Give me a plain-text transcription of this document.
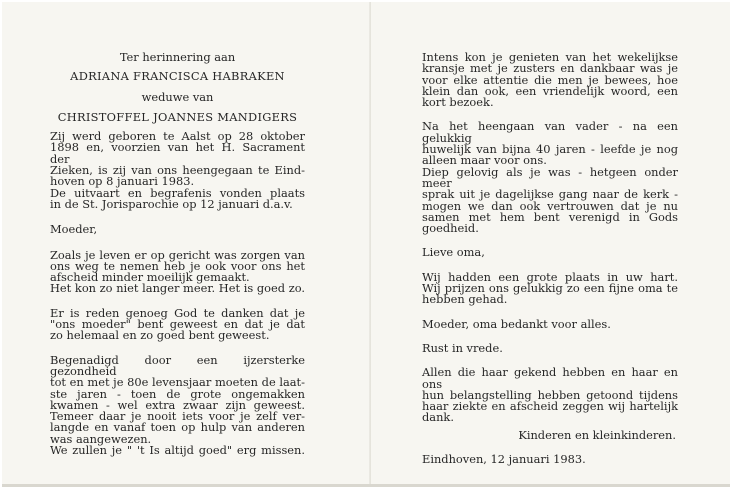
Ter herinnering aan
ADRIANA FRANCISCA HABRAKEN
weduwe van
CHRISTOFFEL JOANNES MANDIGERS
Zij werd geboren te Aalst op 28 oktober
1898 en, voorzien van het H. Sacrament der
Zieken, is zij van ons heengegaan te Eind-
hoven op 8 januari 1983.
De uitvaart en begrafenis vonden plaats
in de St. Jorisparochie op 12 januari d.a.v.
Moeder,
Zoals je leven er op gericht was zorgen van
ons weg te nemen heb je ook voor ons het
afscheid minder moeilijk gemaakt.
Het kon zo niet langer meer. Het is goed zo.
Er is reden genoeg God te danken dat je
"ons moeder" bent geweest en dat je dat
zo helemaal en zo goed bent geweest.
Begenadigd door een ijzersterke gezondheid
tot en met je 80e levensjaar moeten de laat-
ste jaren - toen de grote ongemakken
kwamen - wel extra zwaar zijn geweest.
Temeer daar je nooit iets voor je zelf ver-
langde en vanaf toen op hulp van anderen
was aangewezen.
We zullen je " 't Is altijd goed" erg missen.
Intens kon je genieten van het wekelijkse
kransje met je zusters en dankbaar was je
voor elke attentie die men je bewees, hoe
klein dan ook, een vriendelijk woord, een
kort bezoek.
Na het heengaan van vader - na een gelukkig
huwelijk van bijna 40 jaren - leefde je nog
alleen maar voor ons.
Diep gelovig als je was - hetgeen onder meer
sprak uit je dagelijkse gang naar de kerk -
mogen we dan ook vertrouwen dat je nu
samen met hem bent verenigd in Gods
goedheid.
Lieve oma,
Wij hadden een grote plaats in uw hart.
Wij prijzen ons gelukkig zo een fijne oma te
hebben gehad.
Moeder, oma bedankt voor alles.
Rust in vrede.
Allen die haar gekend hebben en haar en ons
hun belangstelling hebben getoond tijdens
haar ziekte en afscheid zeggen wij hartelijk
dank.
Kinderen en kleinkinderen.
Eindhoven, 12 januari 1983.
